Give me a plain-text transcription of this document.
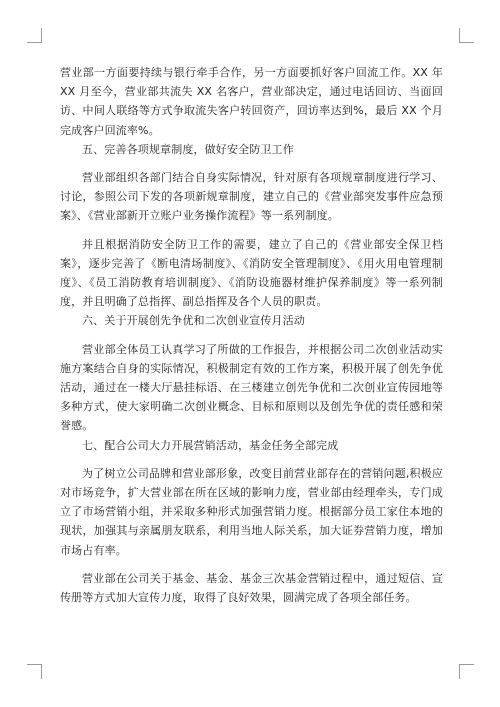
营业部一方面要持续与银行牵手合作，另一方面要抓好客户回流工作。XX 年 XX 月至今，营业部共流失 XX 名客户，营业部决定，通过电话回访、当面回访、中间人联络等方式争取流失客户转回资产，回访率达到%，最后 XX 个月完成客户回流率%。

五、完善各项规章制度，做好安全防卫工作

营业部组织各部门结合自身实际情况，针对原有各项规章制度进行学习、讨论，参照公司下发的各项新规章制度，建立自己的《营业部突发事件应急预案》、《营业部新开立账户业务操作流程》等一系列制度。

并且根据消防安全防卫工作的需要，建立了自己的《营业部安全保卫档案》，逐步完善了《断电清场制度》、《消防安全管理制度》、《用火用电管理制度》、《员工消防教育培训制度》、《消防设施器材维护保养制度》等一系列制度，并且明确了总指挥、副总指挥及各个人员的职责。

六、关于开展创先争优和二次创业宣传月活动

营业部全体员工认真学习了所做的工作报告，并根据公司二次创业活动实施方案结合自身的实际情况，积极制定有效的工作方案，积极开展了创先争优活动，通过在一楼大厅悬挂标语、在三楼建立创先争优和二次创业宣传园地等多种方式，使大家明确二次创业概念、目标和原则以及创先争优的责任感和荣誉感。

七、配合公司大力开展营销活动，基金任务全部完成

为了树立公司品牌和营业部形象，改变目前营业部存在的营销问题,积极应对市场竞争，扩大营业部在所在区域的影响力度，营业部由经理牵头，专门成立了市场营销小组，并采取多种形式加强营销力度。根据部分员工家住本地的现状，加强其与亲属朋友联系，利用当地人际关系，加大证券营销力度，增加市场占有率。

营业部在公司关于基金、基金、基金三次基金营销过程中，通过短信、宣传册等方式加大宣传力度，取得了良好效果，圆满完成了各项全部任务。
